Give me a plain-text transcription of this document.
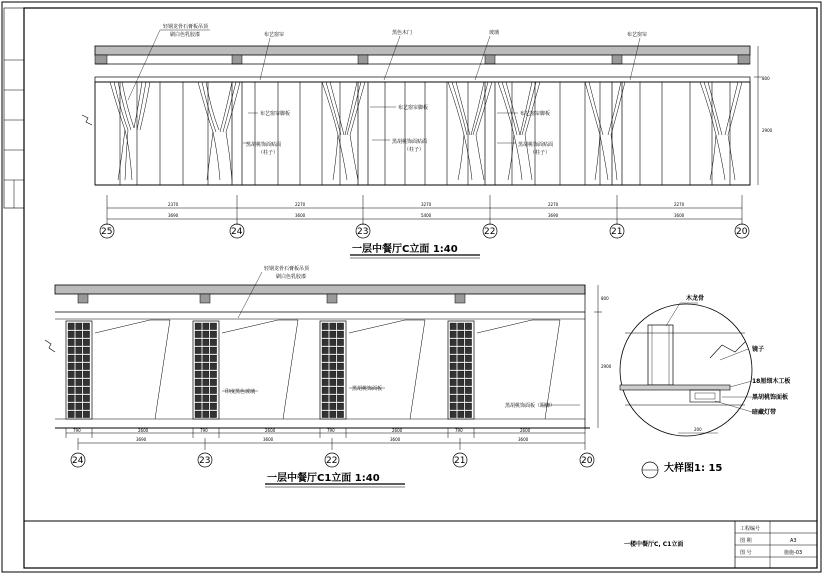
轻钢龙骨石膏板吊顶
刷白色乳胶漆	布艺窗帘	黑色木门	玻璃	布艺窗帘
布艺窗帘脚板
布艺窗帘脚板
布艺窗帘脚板
黑胡桃饰面贴面
（柱子）
黑胡桃饰面贴面
（柱子）
黑胡桃饰面贴面
（柱子）
800
2900
2370	2270	3270	2270	2270
3690	3600	5400	3690	3600
25	24	23	22	21	20
一层中餐厅C立面 1:40
轻钢龙骨石膏板吊顶
刷白色乳胶漆
印度黑色玻璃	黑胡桃饰面板
黑胡桃饰面板（踢脚）
800
2900
790	2600	790	2600	790	2600	790	2600
3690	3600	3600	3600
24	23	22	21	20
一层中餐厅C1立面 1:40
木龙骨
镜子
18厘细木工板
黑胡桃饰面板
暗藏灯带
200
大样图1: 15
一楼中餐厅C, C1立面
工程编号
图 期	A3
图 号	施施-03
